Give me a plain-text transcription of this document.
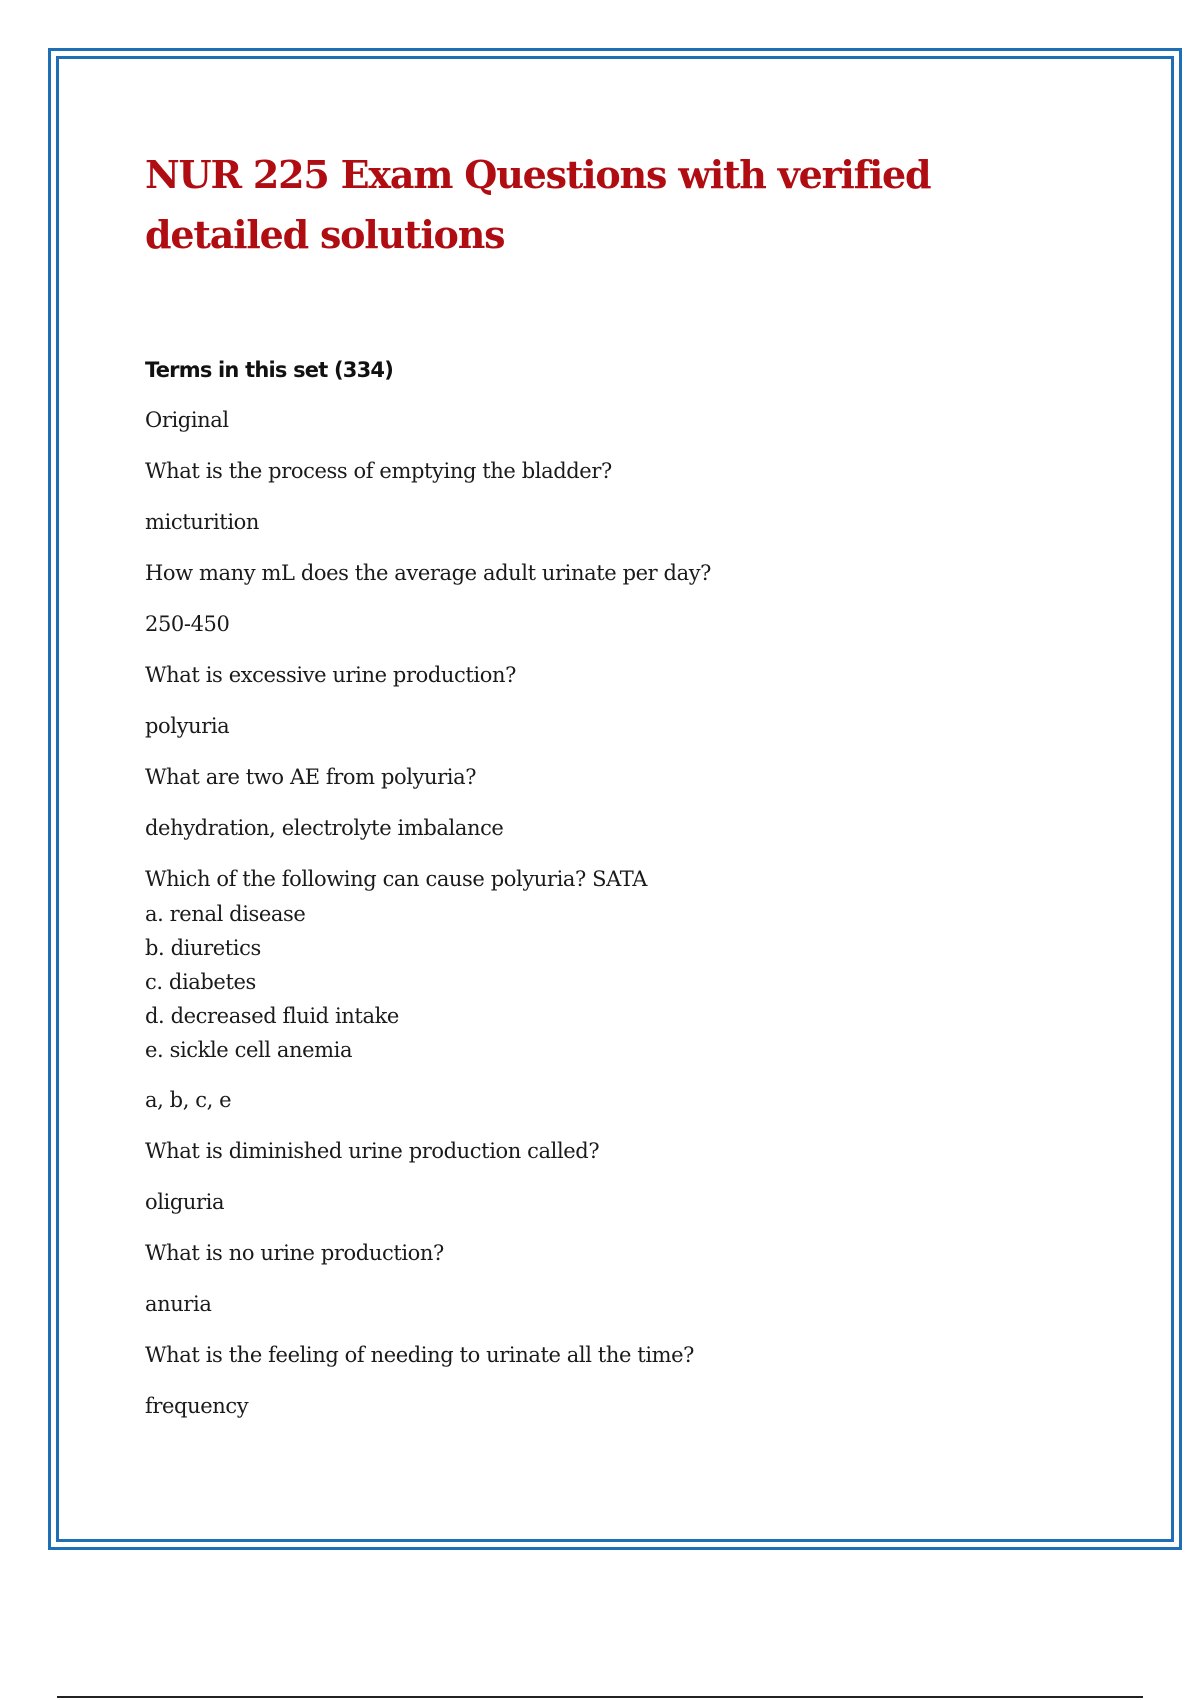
NUR 225 Exam Questions with verified detailed solutions
Terms in this set (334)
Original
What is the process of emptying the bladder?
micturition
How many mL does the average adult urinate per day?
250-450
What is excessive urine production?
polyuria
What are two AE from polyuria?
dehydration, electrolyte imbalance
Which of the following can cause polyuria? SATA
a. renal disease
b. diuretics
c. diabetes
d. decreased fluid intake
e. sickle cell anemia
a, b, c, e
What is diminished urine production called?
oliguria
What is no urine production?
anuria
What is the feeling of needing to urinate all the time?
frequency
